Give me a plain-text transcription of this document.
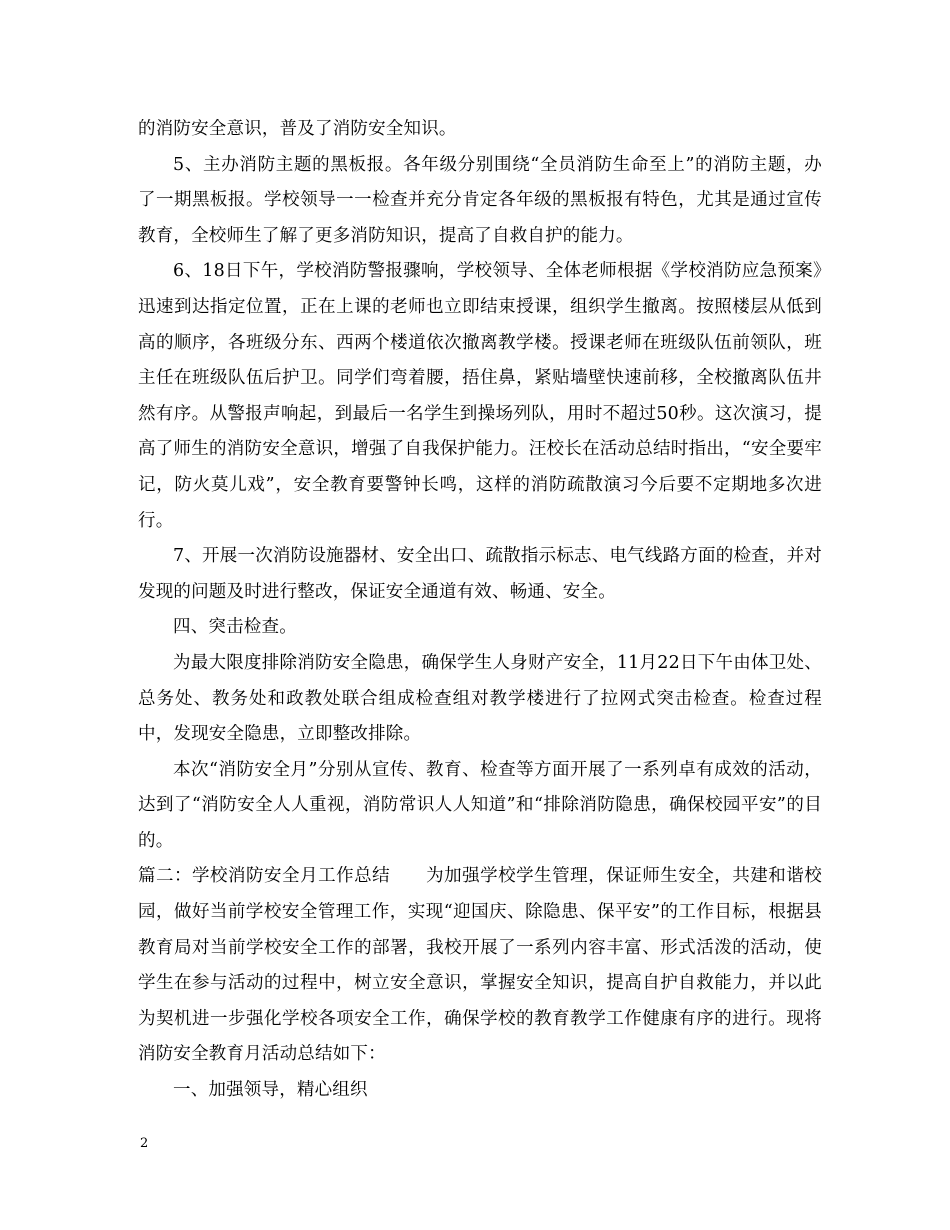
的消防安全意识，普及了消防安全知识。

5、主办消防主题的黑板报。各年级分别围绕“全员消防生命至上”的消防主题，办了一期黑板报。学校领导一一检查并充分肯定各年级的黑板报有特色，尤其是通过宣传教育，全校师生了解了更多消防知识，提高了自救自护的能力。

6、18日下午，学校消防警报骤响，学校领导、全体老师根据《学校消防应急预案》迅速到达指定位置，正在上课的老师也立即结束授课，组织学生撤离。按照楼层从低到高的顺序，各班级分东、西两个楼道依次撤离教学楼。授课老师在班级队伍前领队，班主任在班级队伍后护卫。同学们弯着腰，捂住鼻，紧贴墙壁快速前移，全校撤离队伍井然有序。从警报声响起，到最后一名学生到操场列队，用时不超过50秒。这次演习，提高了师生的消防安全意识，增强了自我保护能力。汪校长在活动总结时指出，“安全要牢记，防火莫儿戏”，安全教育要警钟长鸣，这样的消防疏散演习今后要不定期地多次进行。

7、开展一次消防设施器材、安全出口、疏散指示标志、电气线路方面的检查，并对发现的问题及时进行整改，保证安全通道有效、畅通、安全。

四、突击检查。

为最大限度排除消防安全隐患，确保学生人身财产安全，11月22日下午由体卫处、总务处、教务处和政教处联合组成检查组对教学楼进行了拉网式突击检查。检查过程中，发现安全隐患，立即整改排除。

本次“消防安全月”分别从宣传、教育、检查等方面开展了一系列卓有成效的活动，达到了“消防安全人人重视，消防常识人人知道”和“排除消防隐患，确保校园平安”的目的。

篇二：学校消防安全月工作总结　　为加强学校学生管理，保证师生安全，共建和谐校园，做好当前学校安全管理工作，实现“迎国庆、除隐患、保平安”的工作目标，根据县教育局对当前学校安全工作的部署，我校开展了一系列内容丰富、形式活泼的活动，使学生在参与活动的过程中，树立安全意识，掌握安全知识，提高自护自救能力，并以此为契机进一步强化学校各项安全工作，确保学校的教育教学工作健康有序的进行。现将消防安全教育月活动总结如下：

一、加强领导，精心组织

2
